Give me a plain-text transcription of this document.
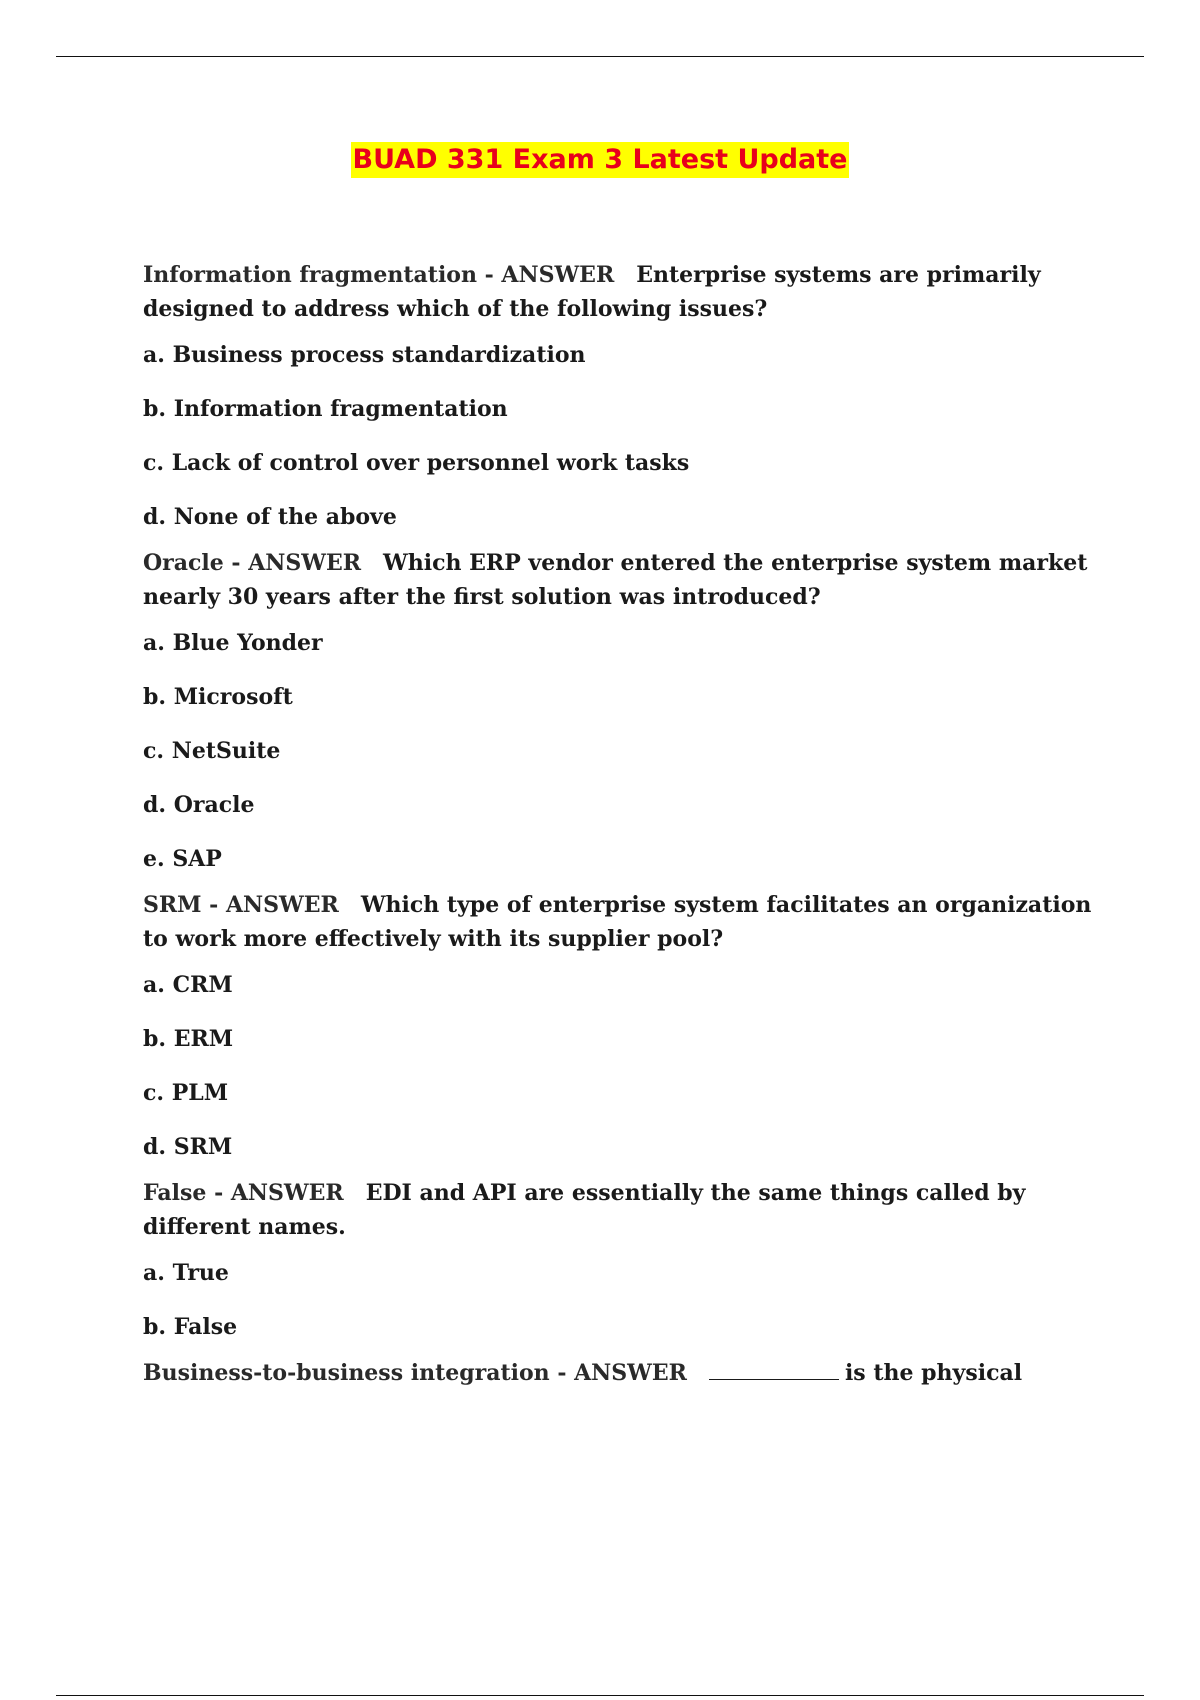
BUAD 331 Exam 3 Latest Update
Information fragmentation - ANSWER Enterprise systems are primarily designed to address which of the following issues?
a. Business process standardization
b. Information fragmentation
c. Lack of control over personnel work tasks
d. None of the above
Oracle - ANSWER Which ERP vendor entered the enterprise system market nearly 30 years after the first solution was introduced?
a. Blue Yonder
b. Microsoft
c. NetSuite
d. Oracle
e. SAP
SRM - ANSWER Which type of enterprise system facilitates an organization to work more effectively with its supplier pool?
a. CRM
b. ERM
c. PLM
d. SRM
False - ANSWER EDI and API are essentially the same things called by different names.
a. True
b. False
Business-to-business integration - ANSWER	is the physical
